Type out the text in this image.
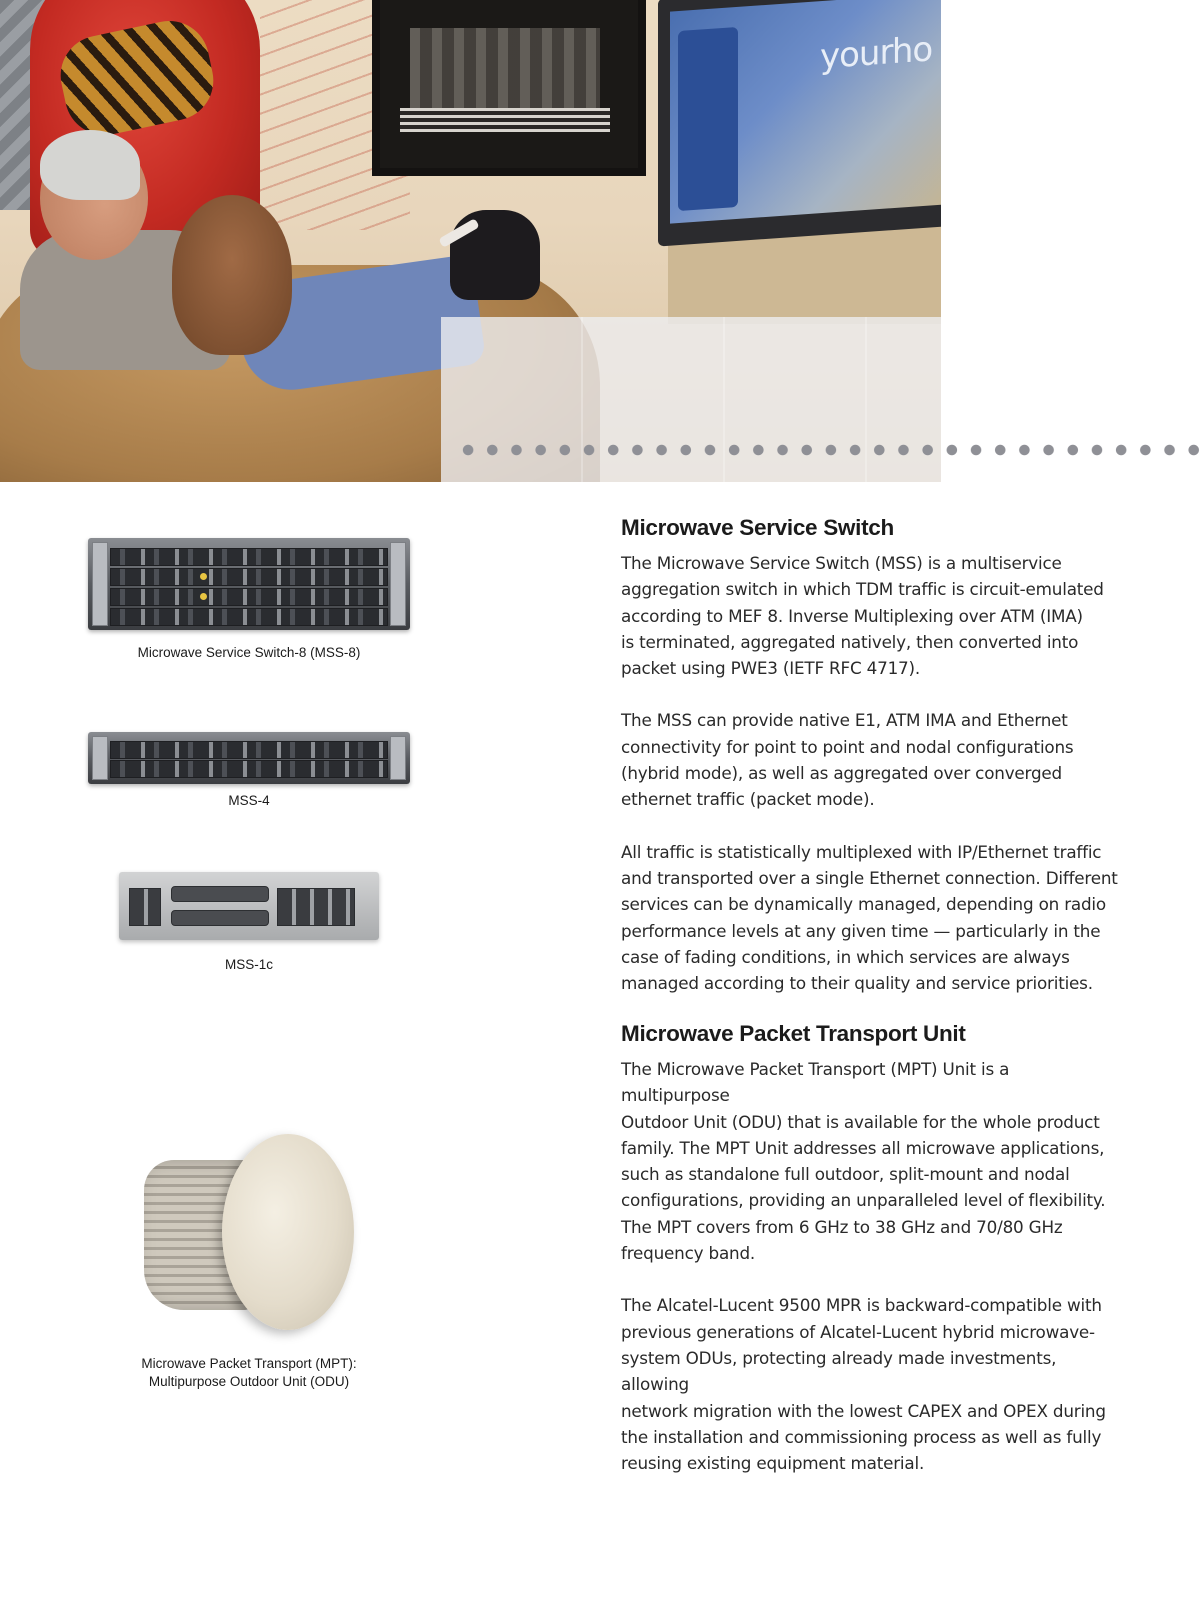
yourho
Microwave Service Switch-8 (MSS-8)
MSS-4
MSS-1c
Microwave Packet Transport (MPT):
Multipurpose Outdoor Unit (ODU)
Microwave Service Switch
The Microwave Service Switch (MSS) is a multiservice
aggregation switch in which TDM traffic is circuit-emulated
according to MEF 8. Inverse Multiplexing over ATM (IMA)
is terminated, aggregated natively, then converted into
packet using PWE3 (IETF RFC 4717).
The MSS can provide native E1, ATM IMA and Ethernet
connectivity for point to point and nodal configurations
(hybrid mode), as well as aggregated over converged
ethernet traffic (packet mode).
All traffic is statistically multiplexed with IP/Ethernet traffic
and transported over a single Ethernet connection. Different
services can be dynamically managed, depending on radio
performance levels at any given time — particularly in the
case of fading conditions, in which services are always
managed according to their quality and service priorities.
Microwave Packet Transport Unit
The Microwave Packet Transport (MPT) Unit is a multipurpose
Outdoor Unit (ODU) that is available for the whole product
family. The MPT Unit addresses all microwave applications,
such as standalone full outdoor, split-mount and nodal
configurations, providing an unparalleled level of flexibility.
The MPT covers from 6 GHz to 38 GHz and 70/80 GHz
frequency band.
The Alcatel-Lucent 9500 MPR is backward-compatible with
previous generations of Alcatel-Lucent hybrid microwave-
system ODUs, protecting already made investments, allowing
network migration with the lowest CAPEX and OPEX during
the installation and commissioning process as well as fully
reusing existing equipment material.
